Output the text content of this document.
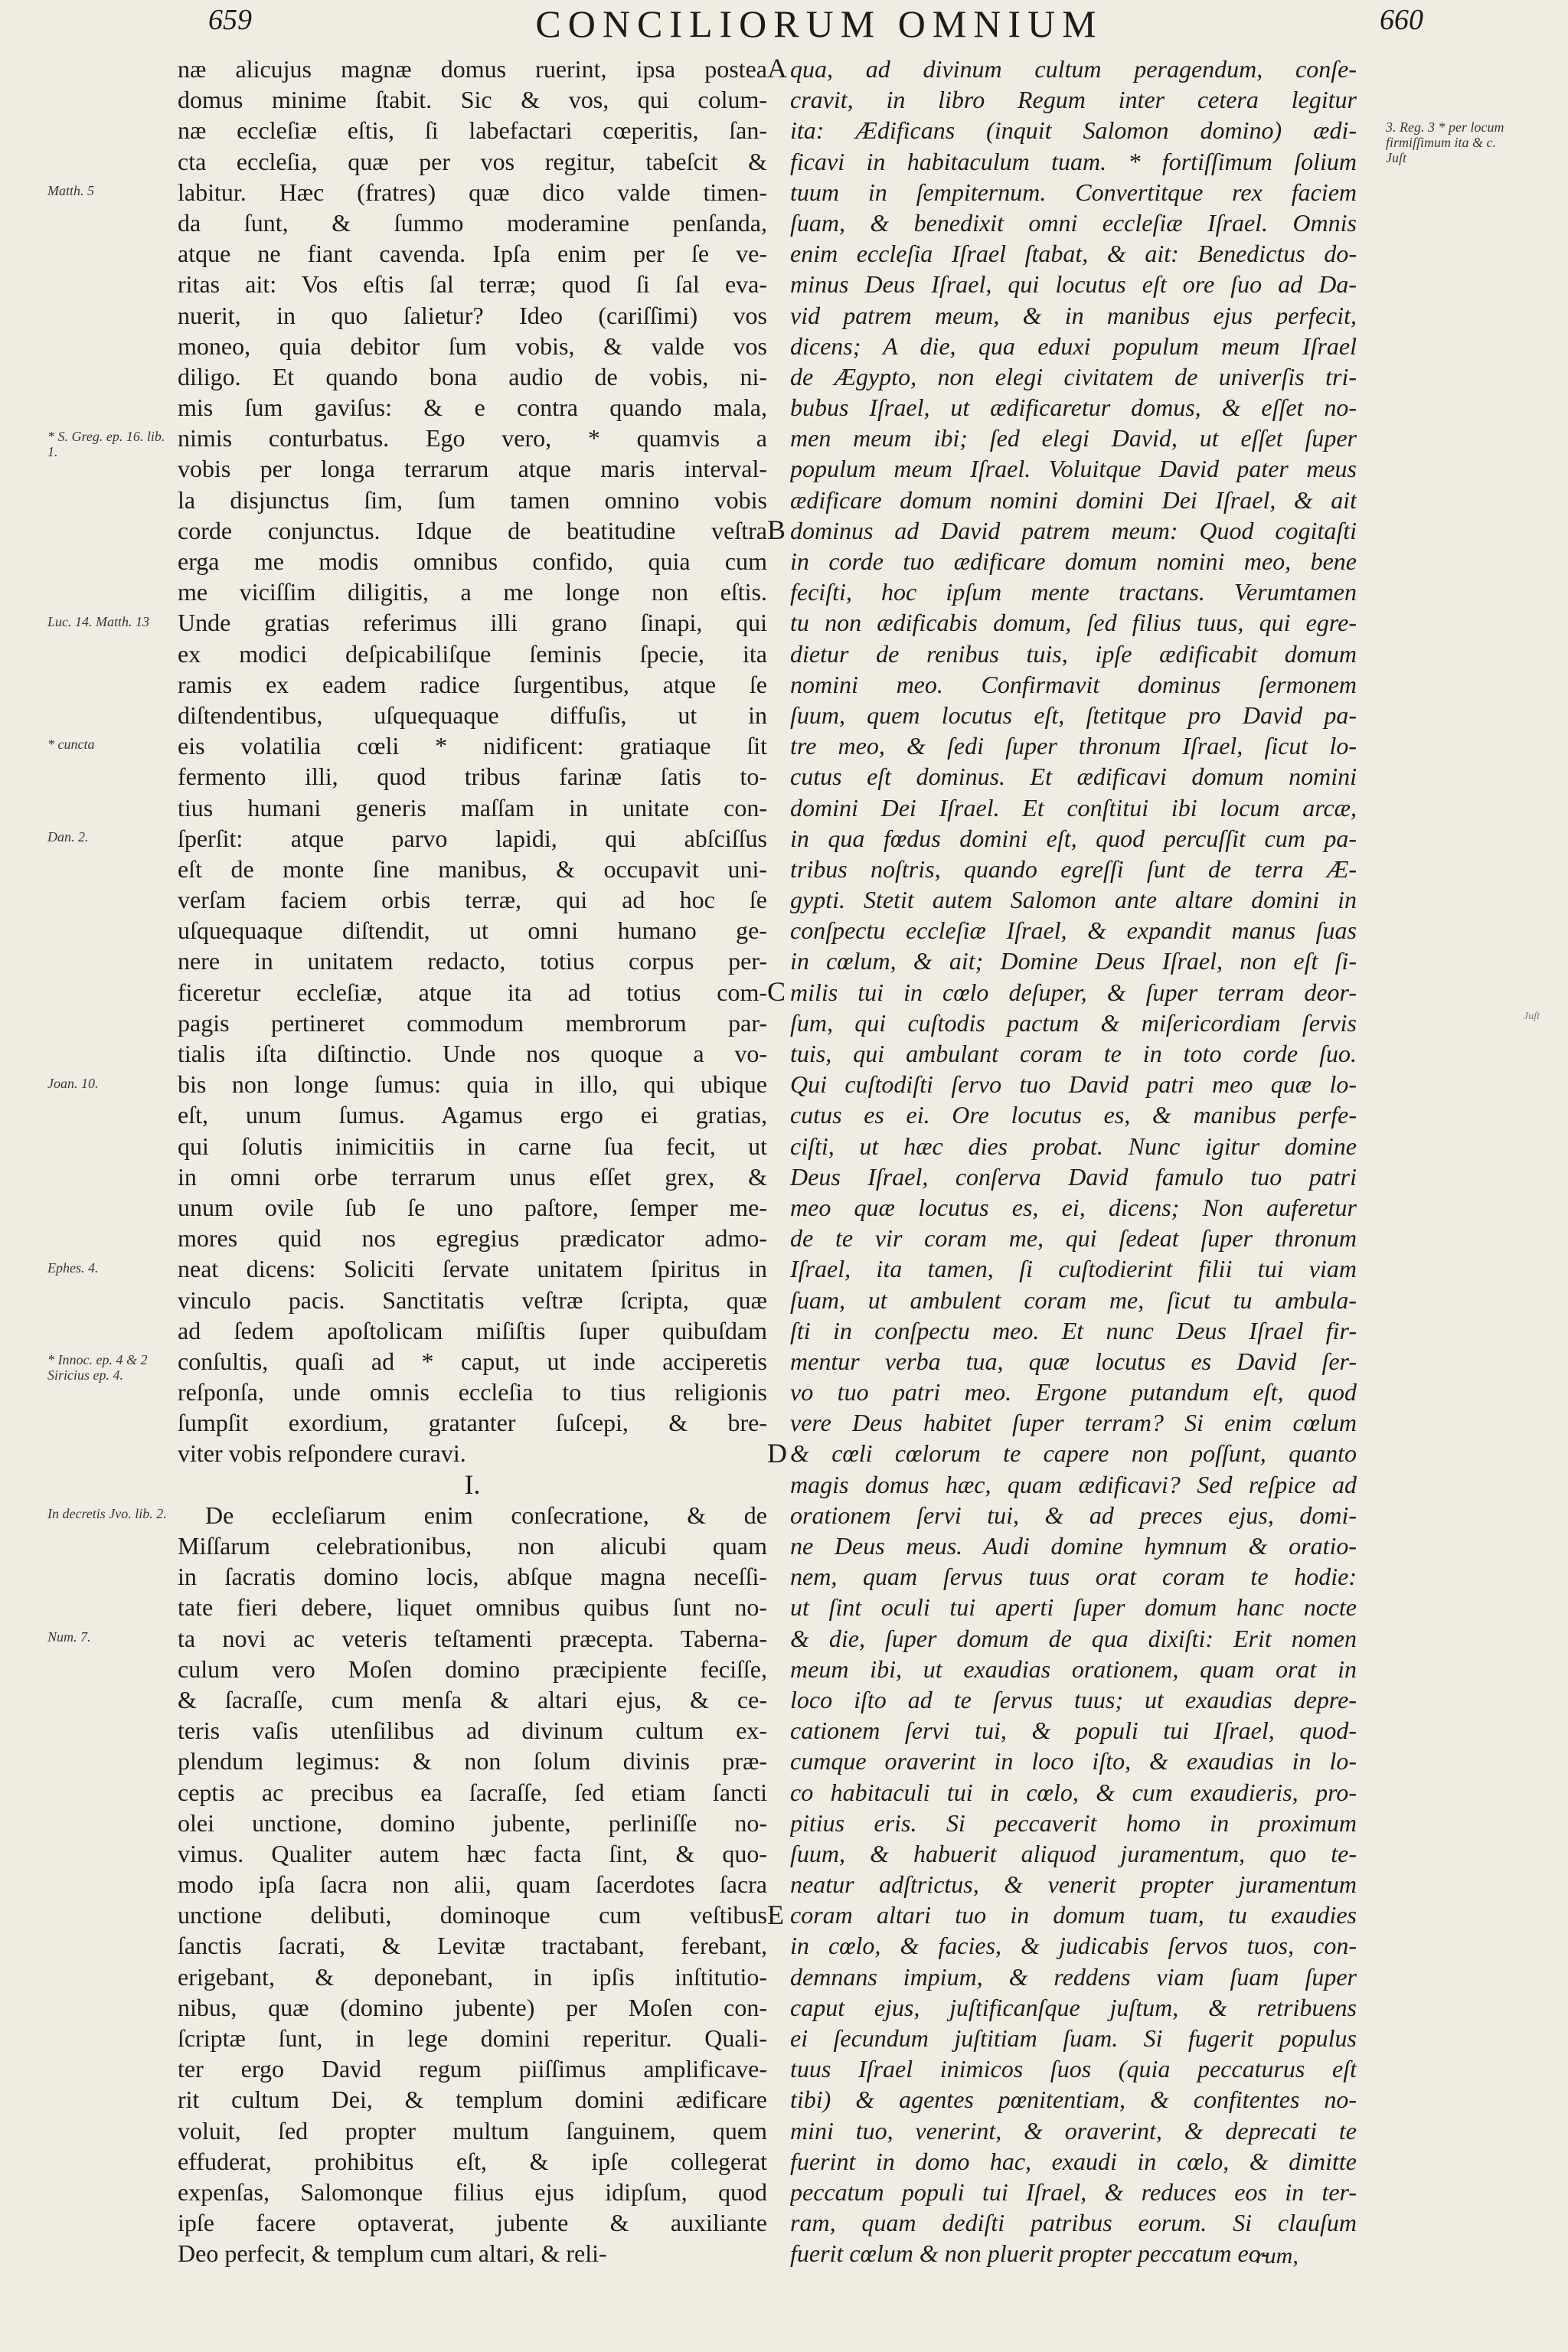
659	CONCILIORUM OMNIUM	660
næ alicujus magnæ domus ruerint, ipsa postea
domus minime ſtabit. Sic & vos, qui colum-
næ eccleſiæ eſtis, ſi labefactari cœperitis, ſan-
cta eccleſia, quæ per vos regitur, tabeſcit &
labitur. Hæc (fratres) quæ dico valde timen-
da ſunt, & ſummo moderamine penſanda,
atque ne fiant cavenda. Ipſa enim per ſe ve-
ritas ait: Vos eſtis ſal terræ; quod ſi ſal eva-
nuerit, in quo ſalietur? Ideo (cariſſimi) vos
moneo, quia debitor ſum vobis, & valde vos
diligo. Et quando bona audio de vobis, ni-
mis ſum gaviſus: & e contra quando mala,
nimis conturbatus. Ego vero, * quamvis a
vobis per longa terrarum atque maris interval-
la disjunctus ſim, ſum tamen omnino vobis
corde conjunctus. Idque de beatitudine veſtra
erga me modis omnibus confido, quia cum
me viciſſim diligitis, a me longe non eſtis.
Unde gratias referimus illi grano ſinapi, qui
ex modici deſpicabiliſque ſeminis ſpecie, ita
ramis ex eadem radice ſurgentibus, atque ſe
diſtendentibus, uſquequaque diffuſis, ut in
eis volatilia cœli * nidificent: gratiaque ſit
fermento illi, quod tribus farinæ ſatis to-
tius humani generis maſſam in unitate con-
ſperſit: atque parvo lapidi, qui abſciſſus
eſt de monte ſine manibus, & occupavit uni-
verſam faciem orbis terræ, qui ad hoc ſe
uſquequaque diſtendit, ut omni humano ge-
nere in unitatem redacto, totius corpus per-
ficeretur eccleſiæ, atque ita ad totius com-
pagis pertineret commodum membrorum par-
tialis iſta diſtinctio. Unde nos quoque a vo-
bis non longe ſumus: quia in illo, qui ubique
eſt, unum ſumus. Agamus ergo ei gratias,
qui ſolutis inimicitiis in carne ſua fecit, ut
in omni orbe terrarum unus eſſet grex, &
unum ovile ſub ſe uno paſtore, ſemper me-
mores quid nos egregius prædicator admo-
neat dicens: Soliciti ſervate unitatem ſpiritus in
vinculo pacis. Sanctitatis veſtræ ſcripta, quæ
ad ſedem apoſtolicam miſiſtis ſuper quibuſdam
conſultis, quaſi ad * caput, ut inde acciperetis
reſponſa, unde omnis eccleſia to tius religionis
ſumpſit exordium, gratanter ſuſcepi, & bre-
viter vobis reſpondere curavi.
I.
De eccleſiarum enim conſecratione, & de
Miſſarum celebrationibus, non alicubi quam
in ſacratis domino locis, abſque magna neceſſi-
tate fieri debere, liquet omnibus quibus ſunt no-
ta novi ac veteris teſtamenti præcepta. Taberna-
culum vero Moſen domino præcipiente feciſſe,
& ſacraſſe, cum menſa & altari ejus, & ce-
teris vaſis utenſilibus ad divinum cultum ex-
plendum legimus: & non ſolum divinis præ-
ceptis ac precibus ea ſacraſſe, ſed etiam ſancti
olei unctione, domino jubente, perliniſſe no-
vimus. Qualiter autem hæc facta ſint, & quo-
modo ipſa ſacra non alii, quam ſacerdotes ſacra
unctione delibuti, dominoque cum veſtibus
ſanctis ſacrati, & Levitæ tractabant, ferebant,
erigebant, & deponebant, in ipſis inſtitutio-
nibus, quæ (domino jubente) per Moſen con-
ſcriptæ ſunt, in lege domini reperitur. Quali-
ter ergo David regum piiſſimus amplificave-
rit cultum Dei, & templum domini ædificare
voluit, ſed propter multum ſanguinem, quem
effuderat, prohibitus eſt, & ipſe collegerat
expenſas, Salomonque filius ejus idipſum, quod
ipſe facere optaverat, jubente & auxiliante
Deo perfecit, & templum cum altari, & reli-
qua, ad divinum cultum peragendum, conſe-
cravit, in libro Regum inter cetera legitur
ita: Ædificans (inquit Salomon domino) ædi-
ficavi in habitaculum tuam. * fortiſſimum ſolium
tuum in ſempiternum. Convertitque rex faciem
ſuam, & benedixit omni eccleſiæ Iſrael. Omnis
enim eccleſia Iſrael ſtabat, & ait: Benedictus do-
minus Deus Iſrael, qui locutus eſt ore ſuo ad Da-
vid patrem meum, & in manibus ejus perfecit,
dicens; A die, qua eduxi populum meum Iſrael
de Ægypto, non elegi civitatem de univerſis tri-
bubus Iſrael, ut ædificaretur domus, & eſſet no-
men meum ibi; ſed elegi David, ut eſſet ſuper
populum meum Iſrael. Voluitque David pater meus
ædificare domum nomini domini Dei Iſrael, & ait
dominus ad David patrem meum: Quod cogitaſti
in corde tuo ædificare domum nomini meo, bene
feciſti, hoc ipſum mente tractans. Verumtamen
tu non ædificabis domum, ſed filius tuus, qui egre-
dietur de renibus tuis, ipſe ædificabit domum
nomini meo. Confirmavit dominus ſermonem
ſuum, quem locutus eſt, ſtetitque pro David pa-
tre meo, & ſedi ſuper thronum Iſrael, ſicut lo-
cutus eſt dominus. Et ædificavi domum nomini
domini Dei Iſrael. Et conſtitui ibi locum arcæ,
in qua fœdus domini eſt, quod percuſſit cum pa-
tribus noſtris, quando egreſſi ſunt de terra Æ-
gypti. Stetit autem Salomon ante altare domini in
conſpectu eccleſiæ Iſrael, & expandit manus ſuas
in cœlum, & ait; Domine Deus Iſrael, non eſt ſi-
milis tui in cœlo deſuper, & ſuper terram deor-
ſum, qui cuſtodis pactum & miſericordiam ſervis
tuis, qui ambulant coram te in toto corde ſuo.
Qui cuſtodiſti ſervo tuo David patri meo quæ lo-
cutus es ei. Ore locutus es, & manibus perfe-
ciſti, ut hæc dies probat. Nunc igitur domine
Deus Iſrael, conſerva David famulo tuo patri
meo quæ locutus es, ei, dicens; Non auferetur
de te vir coram me, qui ſedeat ſuper thronum
Iſrael, ita tamen, ſi cuſtodierint filii tui viam
ſuam, ut ambulent coram me, ſicut tu ambula-
ſti in conſpectu meo. Et nunc Deus Iſrael fir-
mentur verba tua, quæ locutus es David ſer-
vo tuo patri meo. Ergone putandum eſt, quod
vere Deus habitet ſuper terram? Si enim cœlum
& cœli cœlorum te capere non poſſunt, quanto
magis domus hæc, quam ædificavi? Sed reſpice ad
orationem ſervi tui, & ad preces ejus, domi-
ne Deus meus. Audi domine hymnum & oratio-
nem, quam ſervus tuus orat coram te hodie:
ut ſint oculi tui aperti ſuper domum hanc nocte
& die, ſuper domum de qua dixiſti: Erit nomen
meum ibi, ut exaudias orationem, quam orat in
loco iſto ad te ſervus tuus; ut exaudias depre-
cationem ſervi tui, & populi tui Iſrael, quod-
cumque oraverint in loco iſto, & exaudias in lo-
co habitaculi tui in cœlo, & cum exaudieris, pro-
pitius eris. Si peccaverit homo in proximum
ſuum, & habuerit aliquod juramentum, quo te-
neatur adſtrictus, & venerit propter juramentum
coram altari tuo in domum tuam, tu exaudies
in cœlo, & facies, & judicabis ſervos tuos, con-
demnans impium, & reddens viam ſuam ſuper
caput ejus, juſtificanſque juſtum, & retribuens
ei ſecundum juſtitiam ſuam. Si fugerit populus
tuus Iſrael inimicos ſuos (quia peccaturus eſt
tibi) & agentes pœnitentiam, & confitentes no-
mini tuo, venerint, & oraverint, & deprecati te
fuerint in domo hac, exaudi in cœlo, & dimitte
peccatum populi tui Iſrael, & reduces eos in ter-
ram, quam dediſti patribus eorum. Si clauſum
fuerit cœlum & non pluerit propter peccatum eo-
Matth. 5
* S. Greg. ep. 16. lib. 1.
Luc. 14. Matth. 13
* cuncta
Dan. 2.
Joan. 10.
Ephes. 4.
* Innoc. ep. 4 & 2 Siricius ep. 4.
In decretis Jvo. lib. 2.
Num. 7.
3. Reg. 3 * per locum firmiſſimum ita & c. Juſt
A
B
C
D
E
rum,
Juſt
